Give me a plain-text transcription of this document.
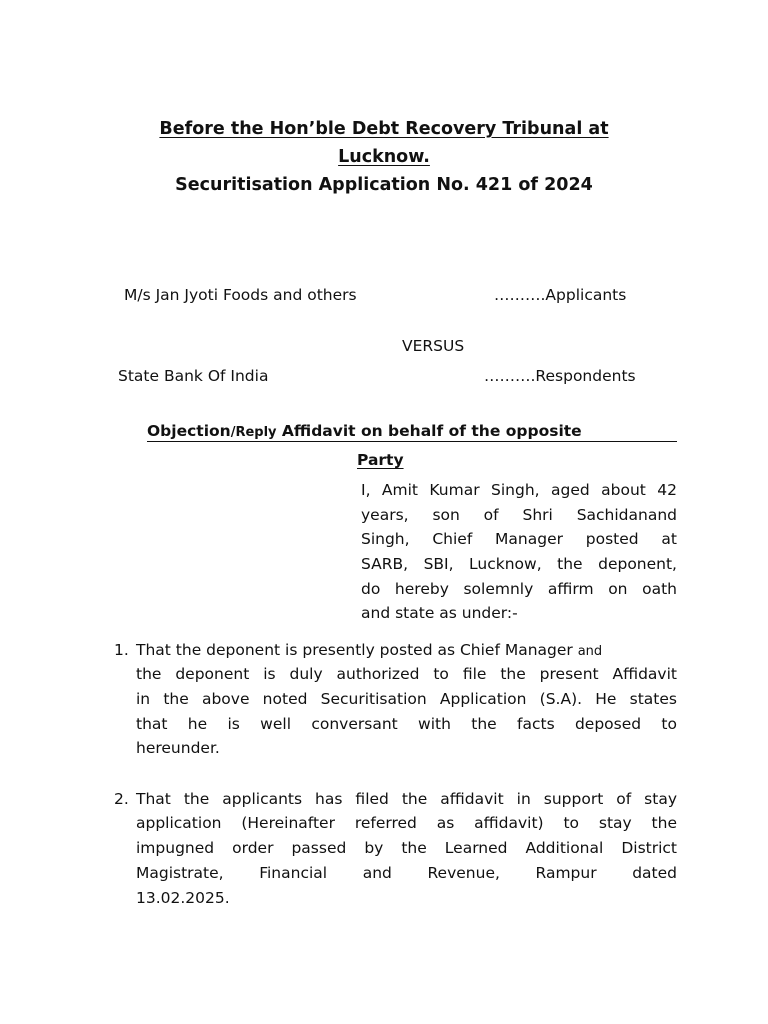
Before the Hon’ble Debt Recovery Tribunal at
Lucknow.
Securitisation Application No. 421 of 2024
M/s Jan Jyoti Foods and others	……….Applicants
VERSUS
State Bank Of India	……….Respondents
Objection/Reply Affidavit on behalf of the opposite
Party
I, Amit Kumar Singh, aged about 42
years, son of Shri Sachidanand
Singh, Chief Manager posted at
SARB, SBI, Lucknow, the deponent,
do hereby solemnly affirm on oath
and state as under:-
1. That the deponent is presently posted as Chief Manager and
the deponent is duly authorized to file the present Affidavit
in the above noted Securitisation Application (S.A). He states
that he is well conversant with the facts deposed to
hereunder.
2. That the applicants has filed the affidavit in support of stay
application (Hereinafter referred as affidavit) to stay the
impugned order passed by the Learned Additional District
Magistrate, Financial and Revenue, Rampur dated
13.02.2025.
